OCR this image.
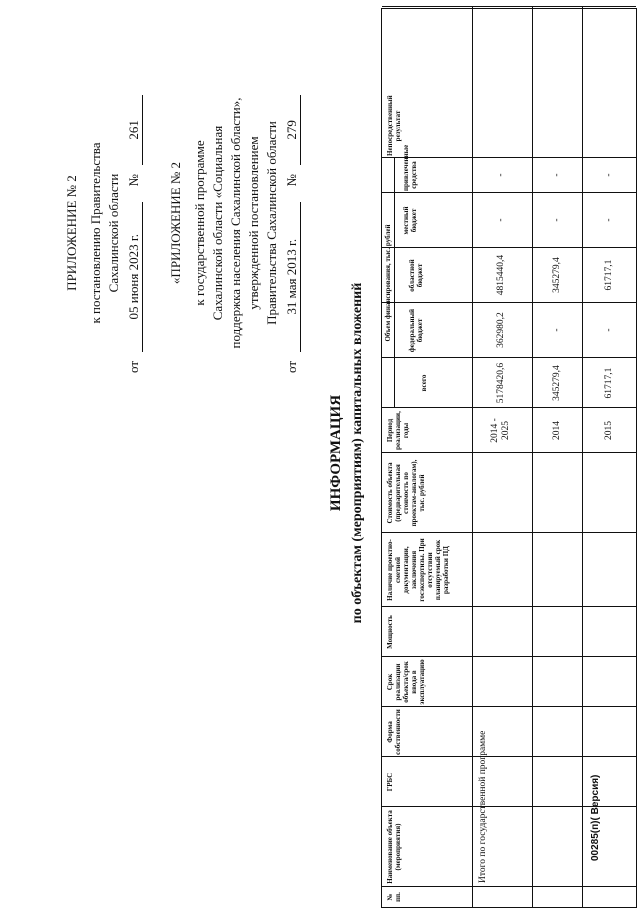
ПРИЛОЖЕНИЕ № 2 к постановлению Правительства Сахалинской области
от 05 июня 2023 г. № 261
«ПРИЛОЖЕНИЕ № 2 к государственной программе Сахалинской области «Социальная поддержка населения Сахалинской области», утвержденной постановлением Правительства Сахалинской области
от 31 мая 2013 г. № 279
ИНФОРМАЦИЯ по объектам (мероприятиям) капитальных вложений
№ пп.
Наименование объекта (мероприятия)
ГРБС
Форма собственности
Срок реализации объекта/срок ввода в эксплуатацию
Мощность
Наличие проектно-сметной документации, заключения госэкспертизы. При отсутствии планируемый срок разработки ПД
Стоимость объекта (предварительная стоимость по проектам-аналогам), тыс. рублей
Период реализации, годы
Объем финансирования, тыс. рублей
всего
федеральный бюджет
областной бюджет
местный бюджет
привлеченные средства
Непосредственный результат
Итого по государственной программе
2014 - 2025
5178420,6
362980,2
4815440,4
-
-
2014
345279,4
-
345279,4
-
-
2015
61717,1
-
61717,1
-
-
00285(п)( Версия)
